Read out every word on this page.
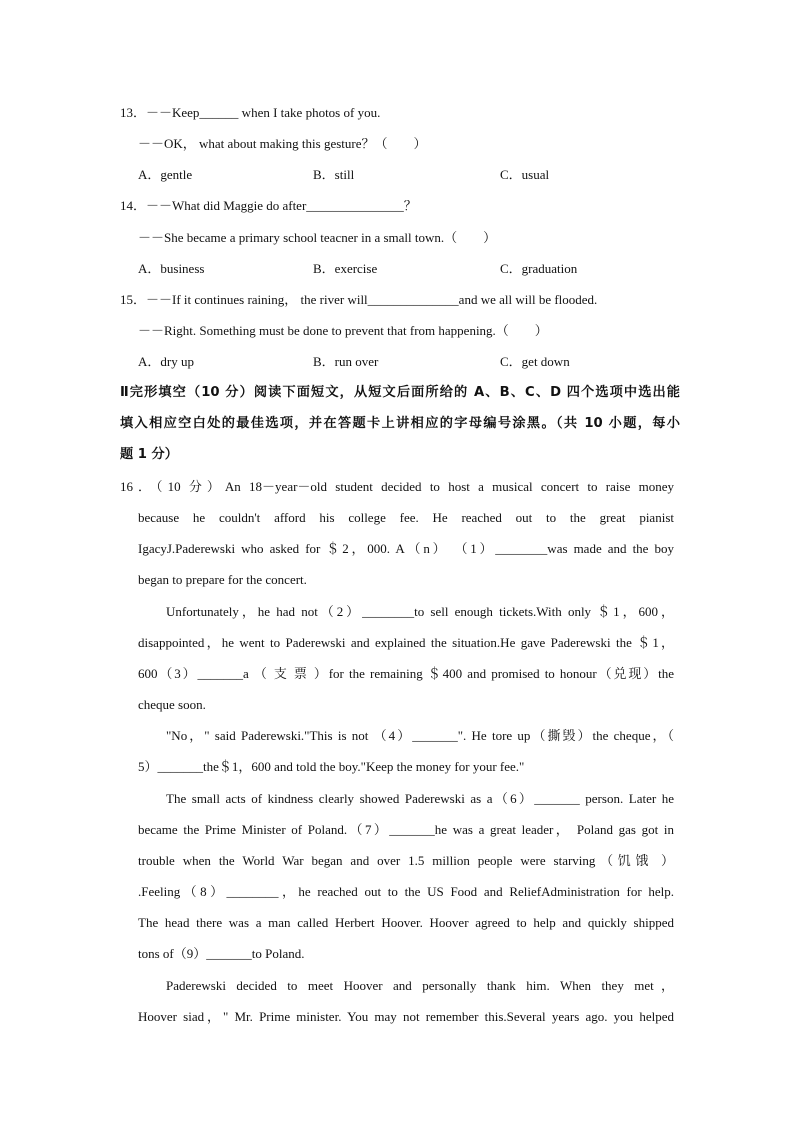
13．－－Keep______ when I take photos of you.
－－OK， what about making this gesture？（　　）
A．gentle	B．still	C．usual
14．－－What did Maggie do after_______________？
－－She became a primary school teacner in a small town.（　　）
A．business	B．exercise	C．graduation
15．－－If it continues raining， the river will______________and we all will be flooded.
－－Right. Something must be done to prevent that from happening.（　　）
A．dry up	B．run over	C．get down
Ⅱ完形填空（10 分）阅读下面短文，从短文后面所给的 A、B、C、D 四个选项中选出能
填入相应空白处的最佳选项，并在答题卡上讲相应的字母编号涂黑。（共 10 小题，每小
题 1 分）
16．（10 分）An 18－year－old student decided to host a musical concert to raise money
because he couldn't afford his college fee. He reached out to the great pianist
IgacyJ.Paderewski who asked for ＄2，000. A（n） （1）________was made and the boy
began to prepare for the concert.
Unfortunately，he had not（2）________to sell enough tickets.With only ＄1，600，
disappointed，he went to Paderewski and explained the situation.He gave Paderewski the ＄1，
600（3）_______a （ 支 票 ）for the remaining ＄400 and promised to honour（兑现）the
cheque soon.
"No，" said Paderewski."This is not （4）_______". He tore up（撕毁）the cheque，（
5）_______the＄1，600 and told the boy."Keep the money for your fee."
The small acts of kindness clearly showed Paderewski as a（6）_______ person. Later he
became the Prime Minister of Poland.（7）_______he was a great leader， Poland gas got in
trouble when the World War began and over 1.5 million people were starving（饥饿 ）
.Feeling（8）________，he reached out to the US Food and ReliefAdministration for help.
The head there was a man called Herbert Hoover. Hoover agreed to help and quickly shipped
tons of（9）_______to Poland.
Paderewski decided to meet Hoover and personally thank him. When they met，
Hoover siad，" Mr. Prime minister. You may not remember this.Several years ago. you helped
